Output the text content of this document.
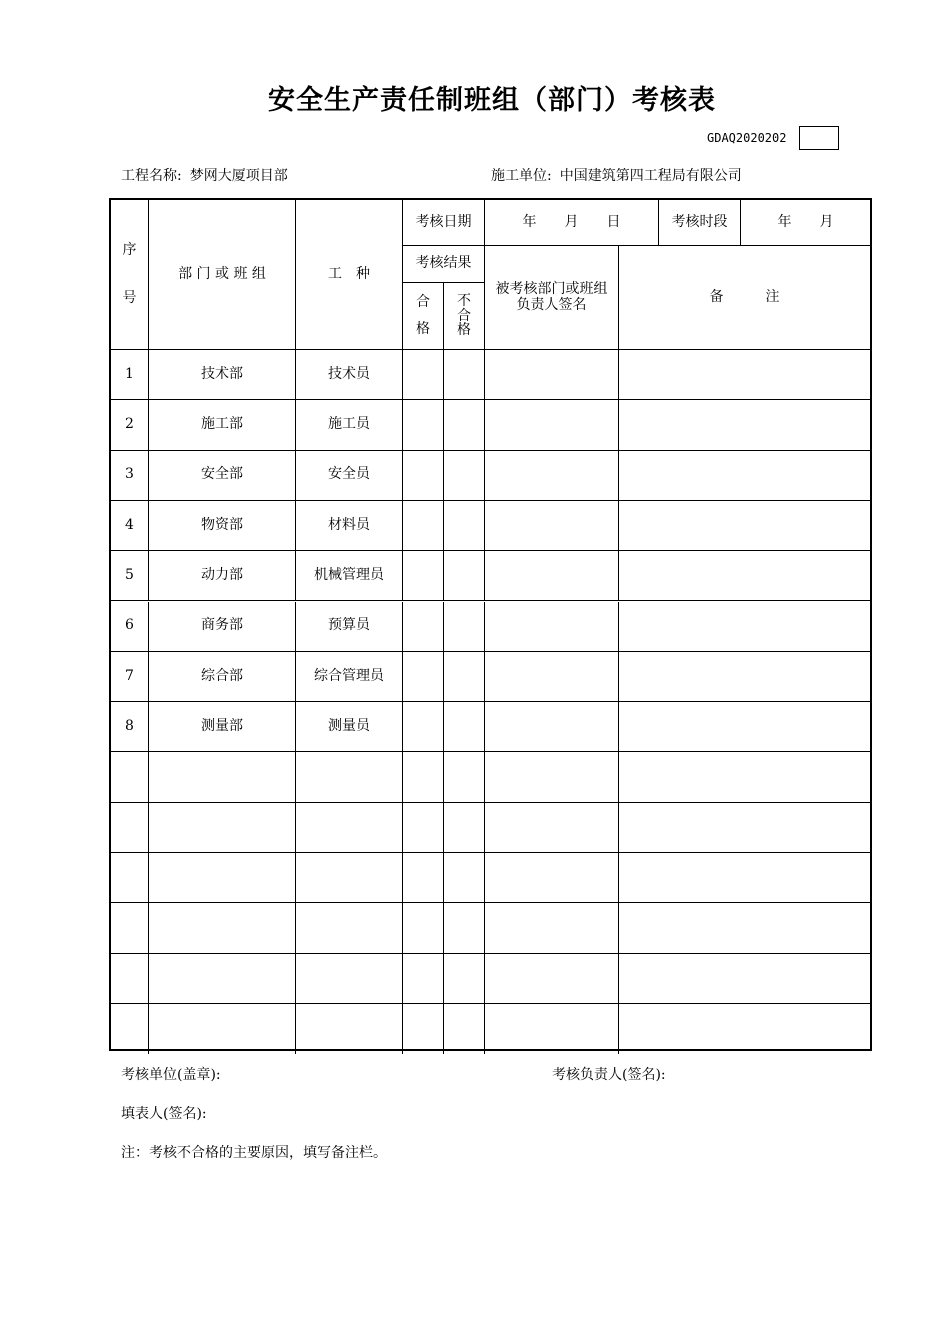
安全生产责任制班组（部门）考核表
GDAQ2020202
工程名称: 梦网大厦项目部	施工单位: 中国建筑第四工程局有限公司
序
号
部 门 或 班 组	工　种
考核日期	年　　月　　日	考核时段	年　　月
考核结果
合
格
不
合
格
被考核部门或班组负责人签名	备　　　注
1	技术部	技术员
2	施工部	施工员
3	安全部	安全员
4	物资部	材料员
5	动力部	机械管理员
6	商务部	预算员
7	综合部	综合管理员
8	测量部	测量员
考核单位(盖章):	考核负责人(签名):
填表人(签名):
注：考核不合格的主要原因，填写备注栏。
